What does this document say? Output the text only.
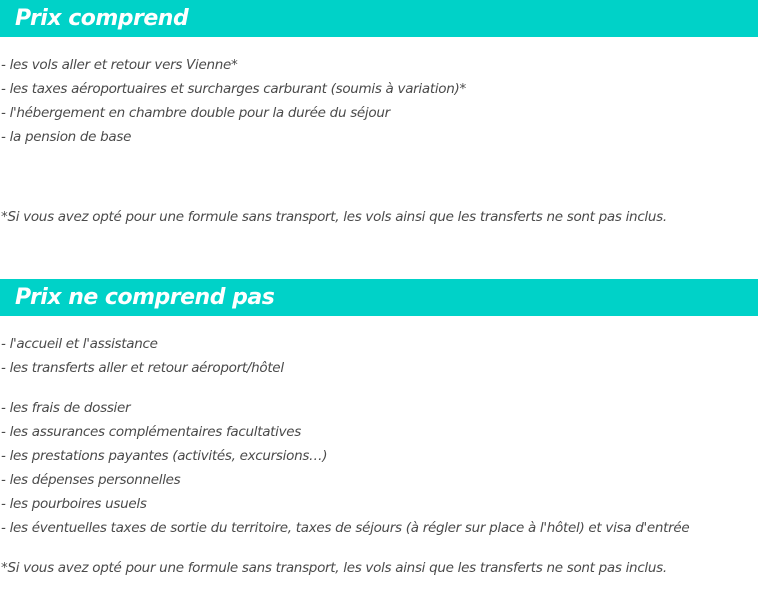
Prix comprend
- les vols aller et retour vers Vienne*
- les taxes aéroportuaires et surcharges carburant (soumis à variation)*
- l'hébergement en chambre double pour la durée du séjour
- la pension de base
*Si vous avez opté pour une formule sans transport, les vols ainsi que les transferts ne sont pas inclus.
Prix ne comprend pas
- l'accueil et l'assistance
- les transferts aller et retour aéroport/hôtel
- les frais de dossier
- les assurances complémentaires facultatives
- les prestations payantes (activités, excursions…)
- les dépenses personnelles
- les pourboires usuels
- les éventuelles taxes de sortie du territoire, taxes de séjours (à régler sur place à l'hôtel) et visa d'entrée
*Si vous avez opté pour une formule sans transport, les vols ainsi que les transferts ne sont pas inclus.
